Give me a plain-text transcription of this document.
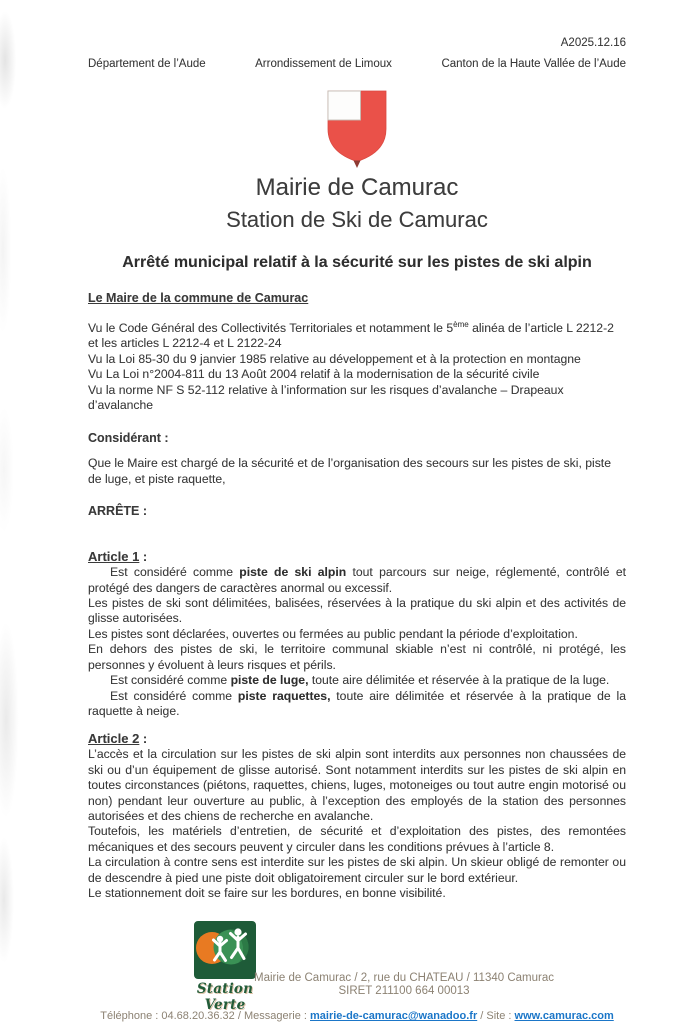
A2025.12.16
Département de l’Aude	Arrondissement de Limoux	Canton de la Haute Vallée de l’Aude
Mairie de Camurac
Station de Ski de Camurac
Arrêté municipal relatif à la sécurité sur les pistes de ski alpin
Le Maire de la commune de Camurac

Vu le Code Général des Collectivités Territoriales et notamment le 5ème alinéa de l’article L 2212-2 et les articles L 2212-4 et L 2122-24

Vu la Loi 85-30 du 9 janvier 1985 relative au développement et à la protection en montagne

Vu La Loi n°2004-811 du 13 Août 2004 relatif à la modernisation de la sécurité civile

Vu la norme NF S 52-112 relative à l’information sur les risques d’avalanche – Drapeaux d’avalanche

Considérant :
Que le Maire est chargé de la sécurité et de l’organisation des secours sur les pistes de ski, piste de luge, et piste raquette,
ARRÊTE :
Article 1 :

Est considéré comme piste de ski alpin tout parcours sur neige, réglementé, contrôlé et protégé des dangers de caractères anormal ou excessif.

Les pistes de ski sont délimitées, balisées, réservées à la pratique du ski alpin et des activités de glisse autorisées.

Les pistes sont déclarées, ouvertes ou fermées au public pendant la période d’exploitation.

En dehors des pistes de ski, le territoire communal skiable n’est ni contrôlé, ni protégé, les personnes y évoluent à leurs risques et périls.

Est considéré comme piste de luge, toute aire délimitée et réservée à la pratique de la luge.

Est considéré comme piste raquettes, toute aire délimitée et réservée à la pratique de la raquette à neige.

Article 2 :

L’accès et la circulation sur les pistes de ski alpin sont interdits aux personnes non chaussées de ski ou d’un équipement de glisse autorisé. Sont notamment interdits sur les pistes de ski alpin en toutes circonstances (piétons, raquettes, chiens, luges, motoneiges ou tout autre engin motorisé ou non) pendant leur ouverture au public, à l’exception des employés de la station des personnes autorisées et des chiens de recherche en avalanche.

Toutefois, les matériels d’entretien, de sécurité et d’exploitation des pistes, des remontées mécaniques et des secours peuvent y circuler dans les conditions prévues à l’article 8.

La circulation à contre sens est interdite sur les pistes de ski alpin. Un skieur obligé de remonter ou de descendre à pied une piste doit obligatoirement circuler sur le bord extérieur.

Le stationnement doit se faire sur les bordures, en bonne visibilité.

Station Verte
Mairie de Camurac / 2, rue du CHATEAU / 11340 Camurac
SIRET 211100 664 00013
Téléphone : 04.68.20.36.32 / Messagerie : mairie-de-camurac@wanadoo.fr / Site : www.camurac.com
